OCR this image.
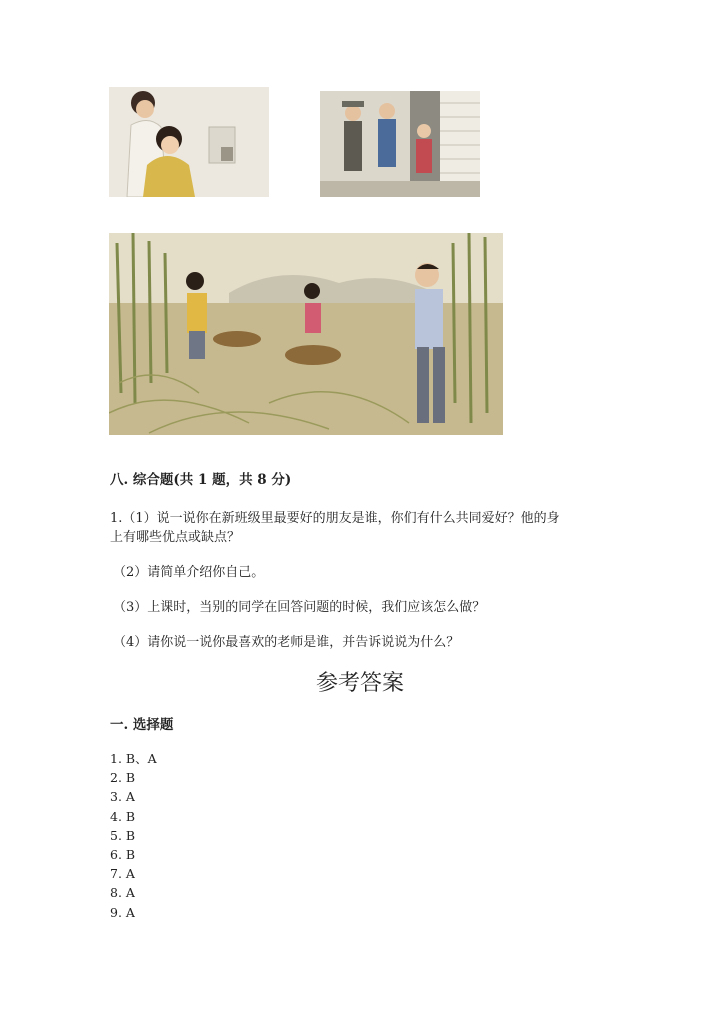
八. 综合题(共 1 题，共 8 分)
1.（1）说一说你在新班级里最要好的朋友是谁，你们有什么共同爱好？他的身
上有哪些优点或缺点？
（2）请简单介绍你自己。
（3）上课时，当别的同学在回答问题的时候，我们应该怎么做？
（4）请你说一说你最喜欢的老师是谁，并告诉说说为什么？
参考答案
一. 选择题
1. B、A
2. B
3. A
4. B
5. B
6. B
7. A
8. A
9. A
